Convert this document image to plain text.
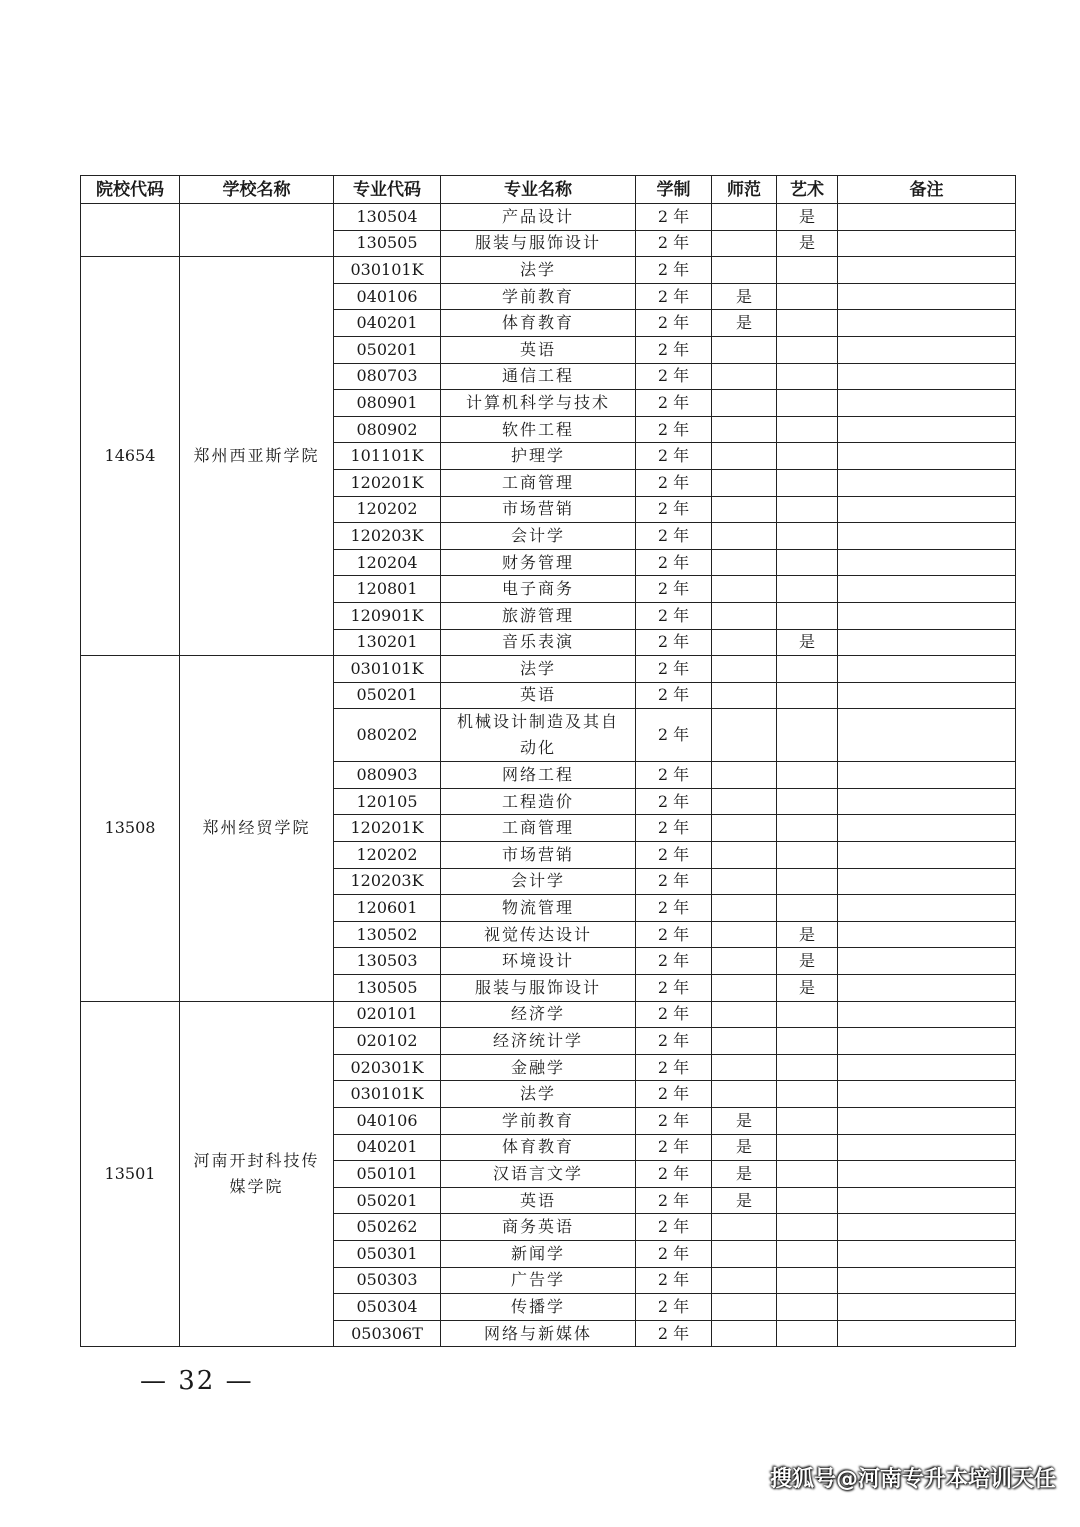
院校代码	学校名称	专业代码	专业名称	学制	师范	艺术	备注
		130504	产品设计	2 年		是	
		130505	服装与服饰设计	2 年		是	
14654	郑州西亚斯学院	030101K	法学	2 年			
		040106	学前教育	2 年	是		
		040201	体育教育	2 年	是		
		050201	英语	2 年			
		080703	通信工程	2 年			
		080901	计算机科学与技术	2 年			
		080902	软件工程	2 年			
		101101K	护理学	2 年			
		120201K	工商管理	2 年			
		120202	市场营销	2 年			
		120203K	会计学	2 年			
		120204	财务管理	2 年			
		120801	电子商务	2 年			
		120901K	旅游管理	2 年			
		130201	音乐表演	2 年		是	
13508	郑州经贸学院	030101K	法学	2 年			
		050201	英语	2 年			
		080202	机械设计制造及其自动化	2 年			
		080903	网络工程	2 年			
		120105	工程造价	2 年			
		120201K	工商管理	2 年			
		120202	市场营销	2 年			
		120203K	会计学	2 年			
		120601	物流管理	2 年			
		130502	视觉传达设计	2 年		是	
		130503	环境设计	2 年		是	
		130505	服装与服饰设计	2 年		是	
13501	河南开封科技传媒学院	020101	经济学	2 年			
		020102	经济统计学	2 年			
		020301K	金融学	2 年			
		030101K	法学	2 年			
		040106	学前教育	2 年	是		
		040201	体育教育	2 年	是		
		050101	汉语言文学	2 年	是		
		050201	英语	2 年	是		
		050262	商务英语	2 年			
		050301	新闻学	2 年			
		050303	广告学	2 年			
		050304	传播学	2 年			
		050306T	网络与新媒体	2 年			
— 32 —
搜狐号@河南专升本培训天任
